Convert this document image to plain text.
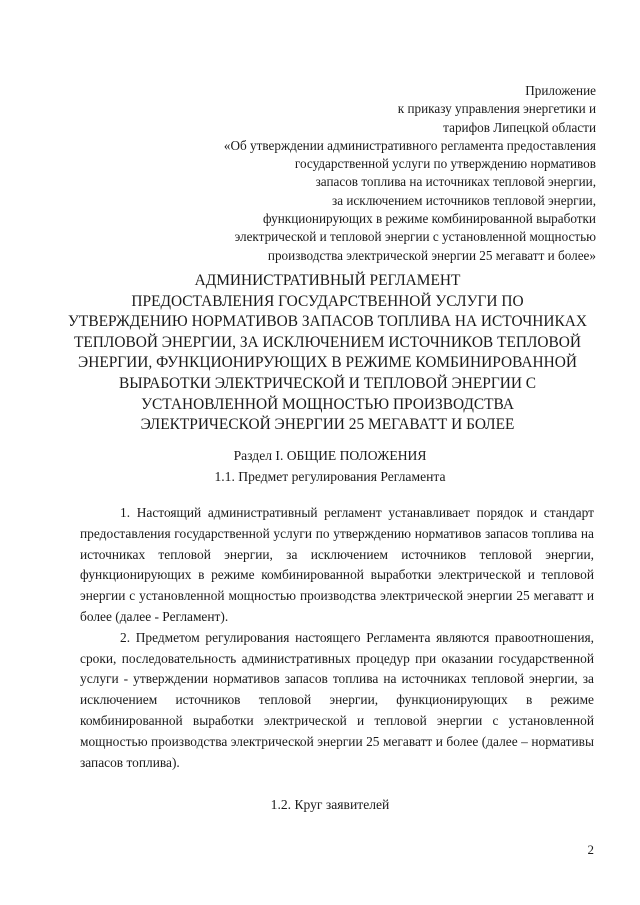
Приложение
к приказу управления энергетики и
тарифов Липецкой области
«Об утверждении административного регламента предоставления
государственной услуги по утверждению нормативов
запасов топлива на источниках тепловой энергии,
за исключением источников тепловой энергии,
функционирующих в режиме комбинированной выработки
электрической и тепловой энергии с установленной мощностью
производства электрической энергии 25 мегаватт и более»
АДМИНИСТРАТИВНЫЙ РЕГЛАМЕНТ
ПРЕДОСТАВЛЕНИЯ ГОСУДАРСТВЕННОЙ УСЛУГИ ПО
УТВЕРЖДЕНИЮ НОРМАТИВОВ ЗАПАСОВ ТОПЛИВА НА ИСТОЧНИКАХ
ТЕПЛОВОЙ ЭНЕРГИИ, ЗА ИСКЛЮЧЕНИЕМ ИСТОЧНИКОВ ТЕПЛОВОЙ
ЭНЕРГИИ, ФУНКЦИОНИРУЮЩИХ В РЕЖИМЕ КОМБИНИРОВАННОЙ
ВЫРАБОТКИ ЭЛЕКТРИЧЕСКОЙ И ТЕПЛОВОЙ ЭНЕРГИИ С
УСТАНОВЛЕННОЙ МОЩНОСТЬЮ ПРОИЗВОДСТВА
ЭЛЕКТРИЧЕСКОЙ ЭНЕРГИИ 25 МЕГАВАТТ И БОЛЕЕ
Раздел I. ОБЩИЕ ПОЛОЖЕНИЯ
1.1. Предмет регулирования Регламента

1. Настоящий административный регламент устанавливает порядок и стандарт предоставления государственной услуги по утверждению нормативов запасов топлива на источниках тепловой энергии, за исключением источников тепловой энергии, функционирующих в режиме комбинированной выработки электрической и тепловой энергии с установленной мощностью производства электрической энергии 25 мегаватт и более (далее - Регламент).

2. Предметом регулирования настоящего Регламента являются правоотношения, сроки, последовательность административных процедур при оказании государственной услуги - утверждении нормативов запасов топлива на источниках тепловой энергии, за исключением источников тепловой энергии, функционирующих в режиме комбинированной выработки электрической и тепловой энергии с установленной мощностью производства электрической энергии 25 мегаватт и более (далее – нормативы запасов топлива).

1.2. Круг заявителей
2
